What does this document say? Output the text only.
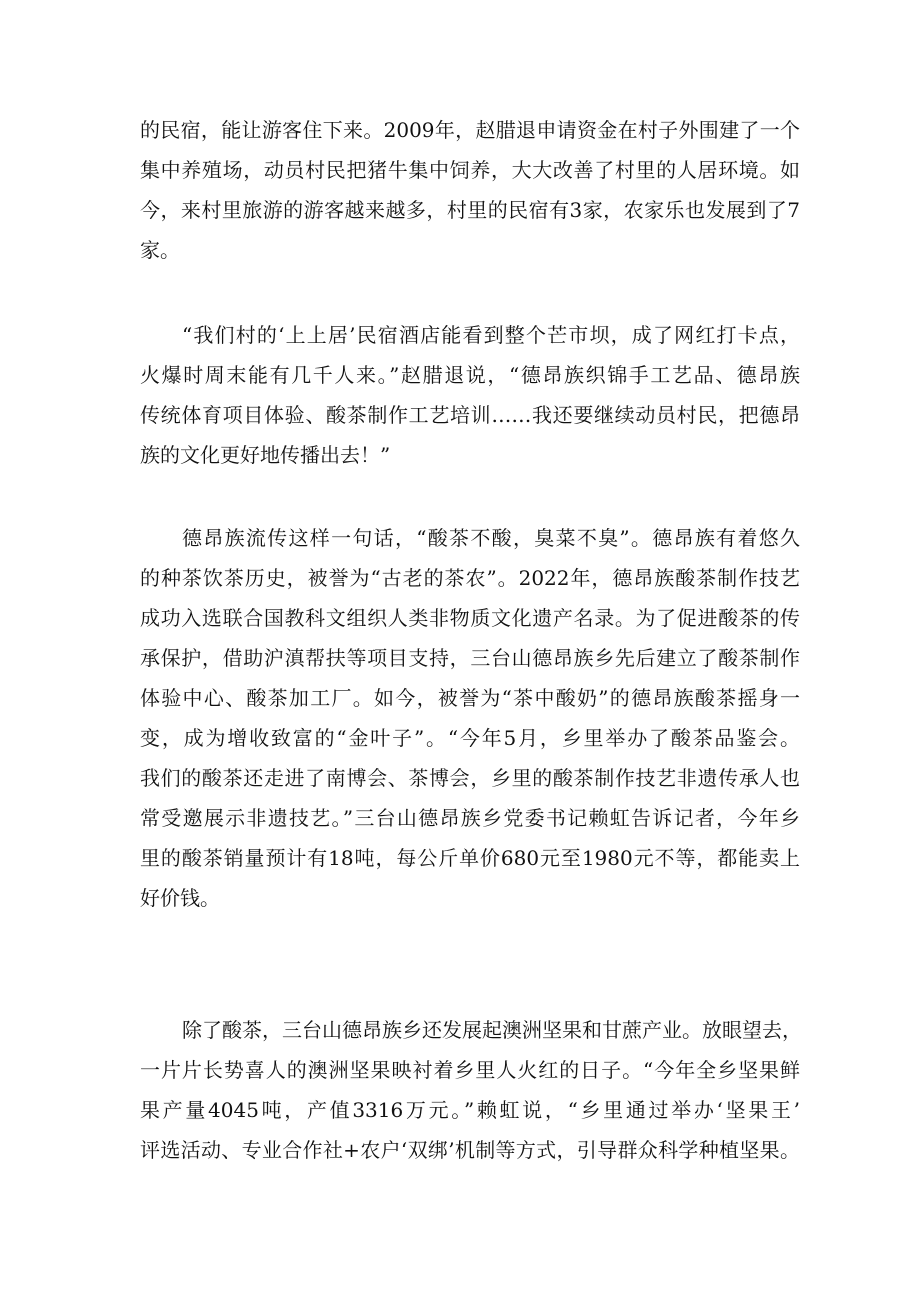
的民宿，能让游客住下来。2009年，赵腊退申请资金在村子外围建了一个
集中养殖场，动员村民把猪牛集中饲养，大大改善了村里的人居环境。如
今，来村里旅游的游客越来越多，村里的民宿有3家，农家乐也发展到了7
家。
“我们村的‘上上居’民宿酒店能看到整个芒市坝，成了网红打卡点，
火爆时周末能有几千人来。”赵腊退说，“德昂族织锦手工艺品、德昂族
传统体育项目体验、酸茶制作工艺培训……我还要继续动员村民，把德昂
族的文化更好地传播出去！”
德昂族流传这样一句话，“酸茶不酸，臭菜不臭”。德昂族有着悠久
的种茶饮茶历史，被誉为“古老的茶农”。2022年，德昂族酸茶制作技艺
成功入选联合国教科文组织人类非物质文化遗产名录。为了促进酸茶的传
承保护，借助沪滇帮扶等项目支持，三台山德昂族乡先后建立了酸茶制作
体验中心、酸茶加工厂。如今，被誉为“茶中酸奶”的德昂族酸茶摇身一
变，成为增收致富的“金叶子”。“今年5月，乡里举办了酸茶品鉴会。
我们的酸茶还走进了南博会、茶博会，乡里的酸茶制作技艺非遗传承人也
常受邀展示非遗技艺。”三台山德昂族乡党委书记赖虹告诉记者，今年乡
里的酸茶销量预计有18吨，每公斤单价680元至1980元不等，都能卖上
好价钱。
除了酸茶，三台山德昂族乡还发展起澳洲坚果和甘蔗产业。放眼望去，
一片片长势喜人的澳洲坚果映衬着乡里人火红的日子。“今年全乡坚果鲜
果产量4045吨，产值3316万元。”赖虹说，“乡里通过举办‘坚果王’
评选活动、专业合作社+农户‘双绑’机制等方式，引导群众科学种植坚果。
